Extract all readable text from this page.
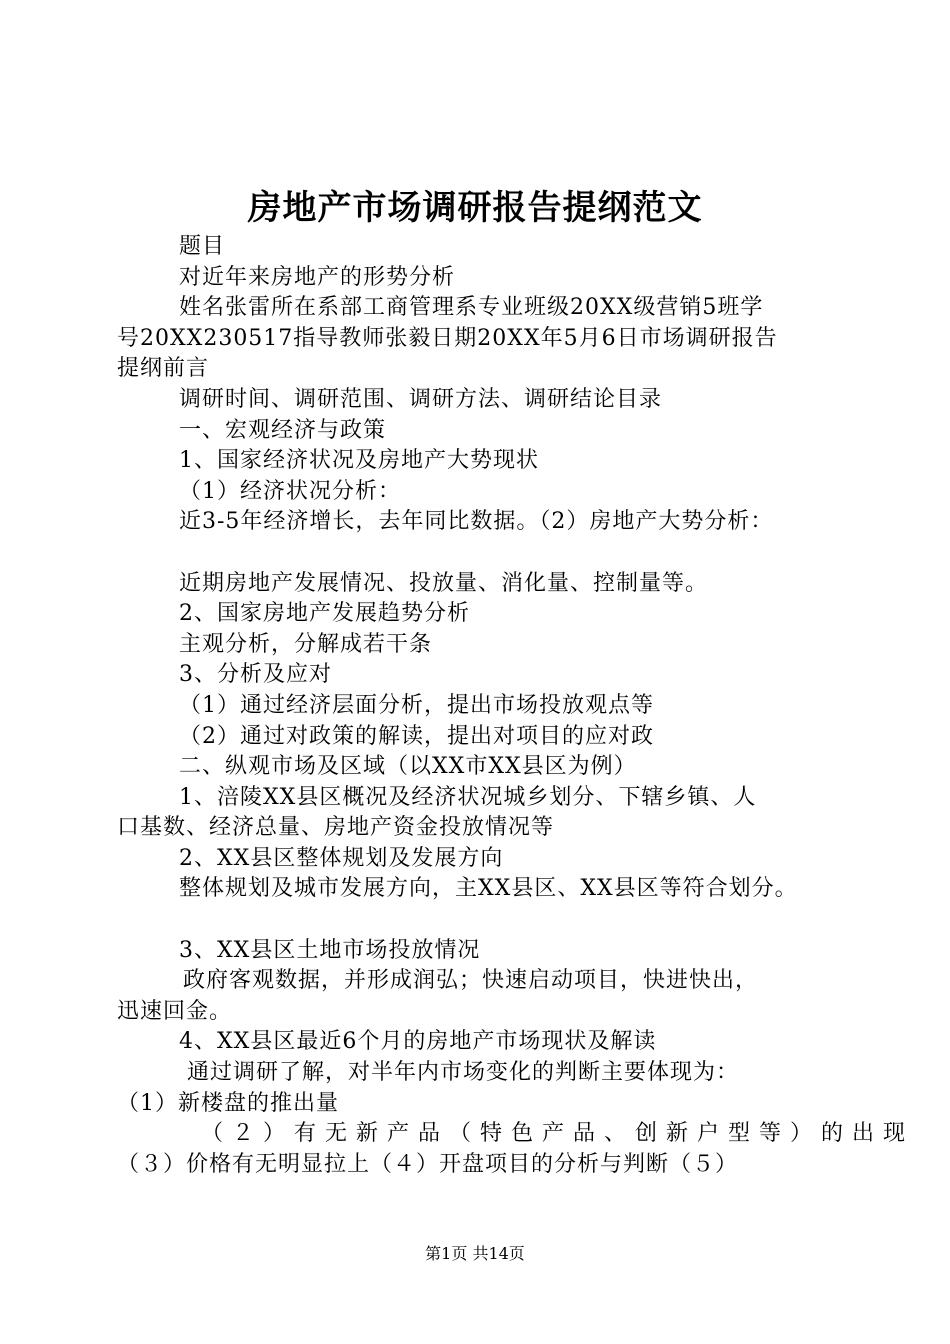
房地产市场调研报告提纲范文
题目
对近年来房地产的形势分析
姓名张雷所在系部工商管理系专业班级20XX级营销5班学
号20XX230517指导教师张毅日期20XX年5月6日市场调研报告
提纲前言
调研时间、调研范围、调研方法、调研结论目录
一、宏观经济与政策
1、国家经济状况及房地产大势现状
（1）经济状况分析：
近3-5年经济增长，去年同比数据。（2）房地产大势分析：
近期房地产发展情况、投放量、消化量、控制量等。
2、国家房地产发展趋势分析
主观分析，分解成若干条
3、分析及应对
（1）通过经济层面分析，提出市场投放观点等
（2）通过对政策的解读，提出对项目的应对政
二、纵观市场及区域（以XX市XX县区为例）
1、涪陵XX县区概况及经济状况城乡划分、下辖乡镇、人
口基数、经济总量、房地产资金投放情况等
2、XX县区整体规划及发展方向
整体规划及城市发展方向，主XX县区、XX县区等符合划分。
3、XX县区土地市场投放情况
政府客观数据，并形成润弘；快速启动项目，快进快出，
迅速回金。
4、XX县区最近6个月的房地产市场现状及解读
通过调研了解，对半年内市场变化的判断主要体现为：
（1）新楼盘的推出量
（２）有无新产品（特色产品、创新户型等）的出现
（３）价格有无明显拉上（４）开盘项目的分析与判断（５）
第1页 共14页
